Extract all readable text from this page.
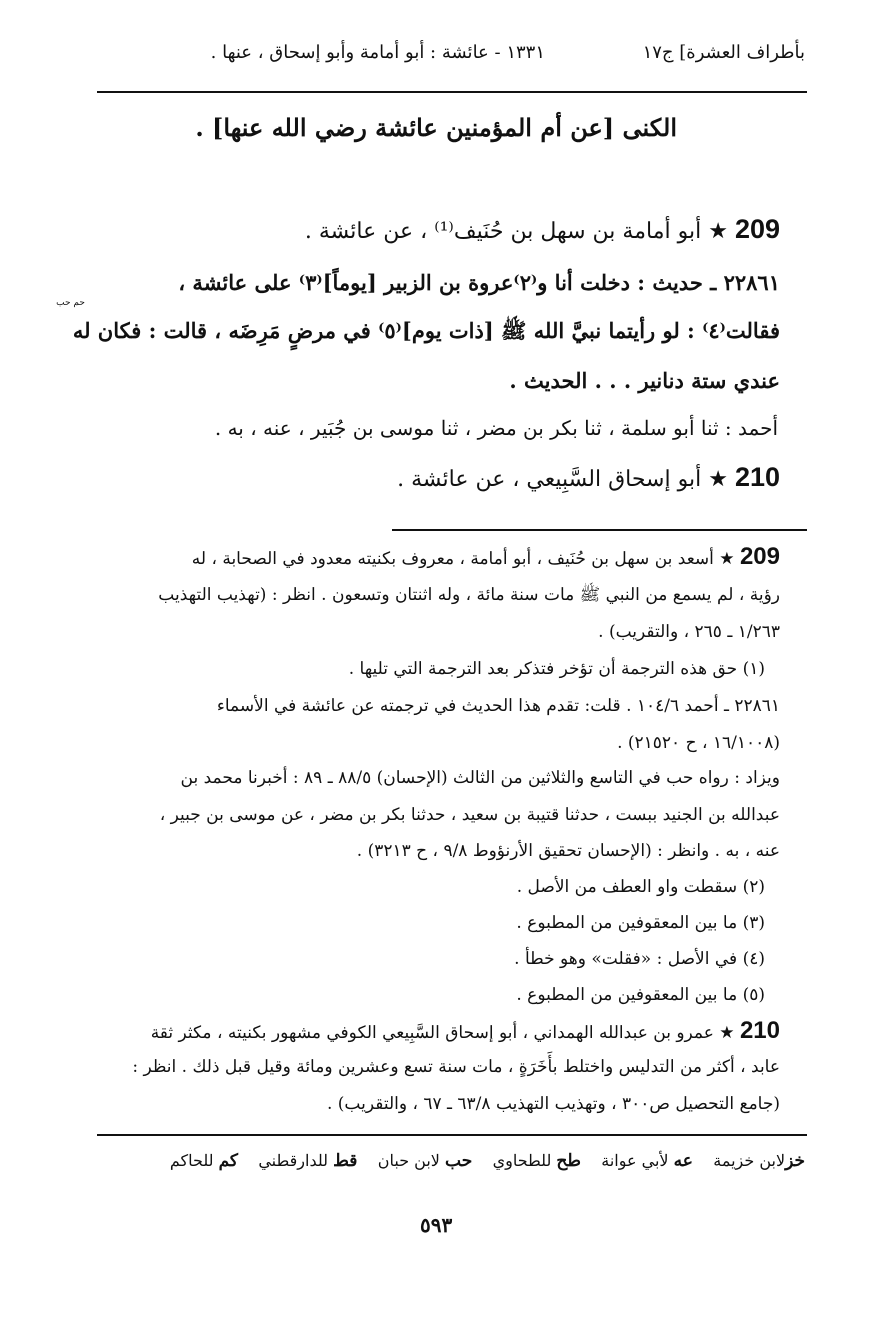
بأطراف العشرة] ج١٧
١٣٣١ - عائشة : أبو أمامة وأبو إسحاق ، عنها .
الكنى [عن أم المؤمنين عائشة رضي الله عنها] .
209 ★ أبو أمامة بن سهل بن حُنَيف⁽¹⁾ ، عن عائشة .
٢٢٨٦١ ـ حديث : دخلت أنا و⁽٢⁾عروة بن الزبير [يوماً]⁽٣⁾ على عائشة ،
حم حب
فقالت⁽٤⁾ : لو رأيتما نبيَّ الله ﷺ [ذات يوم]⁽٥⁾ في مرضٍ مَرِضَه ، قالت : فكان له
عندي ستة دنانير . . . الحديث .
أحمد : ثنا أبو سلمة ، ثنا بكر بن مضر ، ثنا موسى بن جُبَير ، عنه ، به .
210 ★ أبو إسحاق السَّبِيعي ، عن عائشة .
209 ★ أسعد بن سهل بن حُنَيف ، أبو أمامة ، معروف بكنيته معدود في الصحابة ، له
رؤية ، لم يسمع من النبي ﷺ مات سنة مائة ، وله اثنتان وتسعون . انظر : (تهذيب التهذيب
١/٢٦٣ ـ ٢٦٥ ، والتقريب) .
(١) حق هذه الترجمة أن تؤخر فتذكر بعد الترجمة التي تليها .
٢٢٨٦١ ـ أحمد ١٠٤/٦ . قلت: تقدم هذا الحديث في ترجمته عن عائشة في الأسماء
(١٦/١٠٠٨ ، ح ٢١٥٢٠) .
ويزاد : رواه حب في التاسع والثلاثين من الثالث (الإحسان) ٨٨/٥ ـ ٨٩ : أخبرنا محمد بن
عبدالله بن الجنيد ببست ، حدثنا قتيبة بن سعيد ، حدثنا بكر بن مضر ، عن موسى بن جبير ،
عنه ، به . وانظر : (الإحسان تحقيق الأرنؤوط ٩/٨ ، ح ٣٢١٣) .
(٢) سقطت واو العطف من الأصل .
(٣) ما بين المعقوفين من المطبوع .
(٤) في الأصل : «فقلت» وهو خطأ .
(٥) ما بين المعقوفين من المطبوع .
210 ★ عمرو بن عبدالله الهمداني ، أبو إسحاق السَّبِيعي الكوفي مشهور بكنيته ، مكثر ثقة
عابد ، أكثر من التدليس واختلط بأَخَرَةٍ ، مات سنة تسع وعشرين ومائة وقيل قبل ذلك . انظر :
(جامع التحصيل ص٣٠٠ ، وتهذيب التهذيب ٦٣/٨ ـ ٦٧ ، والتقريب) .
خزلابن خزيمة    عه لأبي عوانة    طح للطحاوي    حب لابن حبان    قط للدارقطني    كم للحاكم
٥٩٣
